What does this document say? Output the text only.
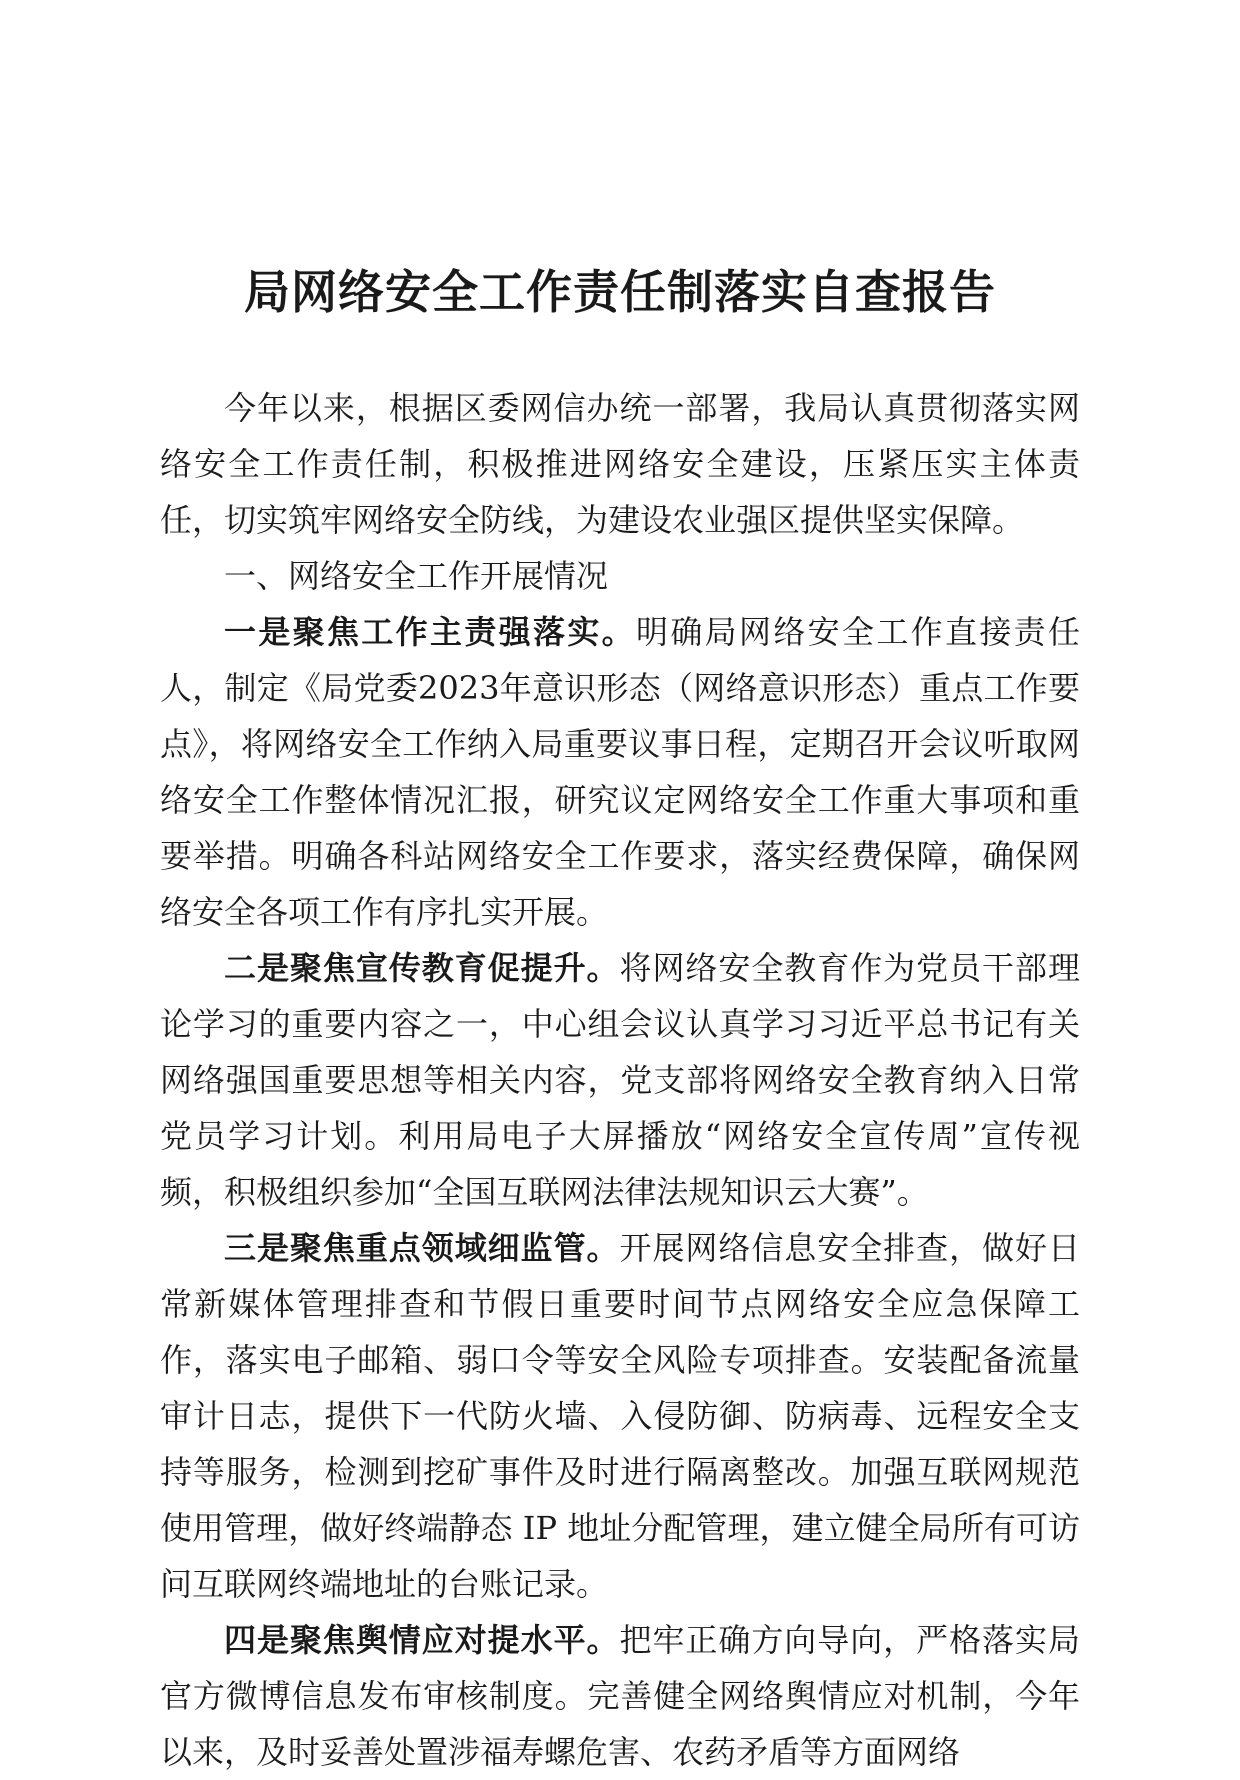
局网络安全工作责任制落实自查报告

今年以来，根据区委网信办统一部署，我局认真贯彻落实网络安全工作责任制，积极推进网络安全建设，压紧压实主体责任，切实筑牢网络安全防线，为建设农业强区提供坚实保障。

一、网络安全工作开展情况

一是聚焦工作主责强落实。明确局网络安全工作直接责任人，制定《局党委2023年意识形态（网络意识形态）重点工作要点》，将网络安全工作纳入局重要议事日程，定期召开会议听取网络安全工作整体情况汇报，研究议定网络安全工作重大事项和重要举措。明确各科站网络安全工作要求，落实经费保障，确保网络安全各项工作有序扎实开展。

二是聚焦宣传教育促提升。将网络安全教育作为党员干部理论学习的重要内容之一，中心组会议认真学习习近平总书记有关网络强国重要思想等相关内容，党支部将网络安全教育纳入日常党员学习计划。利用局电子大屏播放“网络安全宣传周”宣传视频，积极组织参加“全国互联网法律法规知识云大赛”。

三是聚焦重点领域细监管。开展网络信息安全排查，做好日常新媒体管理排查和节假日重要时间节点网络安全应急保障工作，落实电子邮箱、弱口令等安全风险专项排查。安装配备流量审计日志，提供下一代防火墙、入侵防御、防病毒、远程安全支持等服务，检测到挖矿事件及时进行隔离整改。加强互联网规范使用管理，做好终端静态 IP 地址分配管理，建立健全局所有可访问互联网终端地址的台账记录。

四是聚焦舆情应对提水平。把牢正确方向导向，严格落实局官方微博信息发布审核制度。完善健全网络舆情应对机制，今年以来，及时妥善处置涉福寿螺危害、农药矛盾等方面网络
